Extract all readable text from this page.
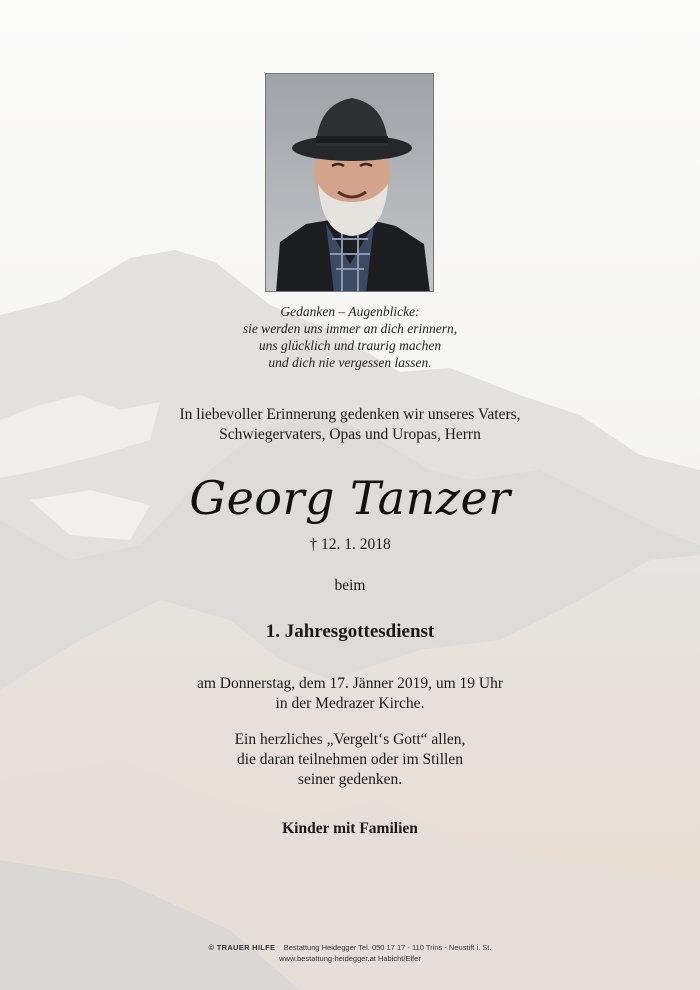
Gedanken – Augenblicke:
sie werden uns immer an dich erinnern,
uns glücklich und traurig machen
und dich nie vergessen lassen.
In liebevoller Erinnerung gedenken wir unseres Vaters,
Schwiegervaters, Opas und Uropas, Herrn
Georg Tanzer
† 12. 1. 2018
beim
1. Jahresgottesdienst
am Donnerstag, dem 17. Jänner 2019, um 19 Uhr
in der Medrazer Kirche.
Ein herzliches „Vergelt‘s Gott“ allen,
die daran teilnehmen oder im Stillen
seiner gedenken.
Kinder mit Familien
© TRAUER HILFE Bestattung Heidegger Tel. 050 17 17 - 110 Trins - Neustift i. St.
www.bestattung-heidegger.at Habicht/Elfer
